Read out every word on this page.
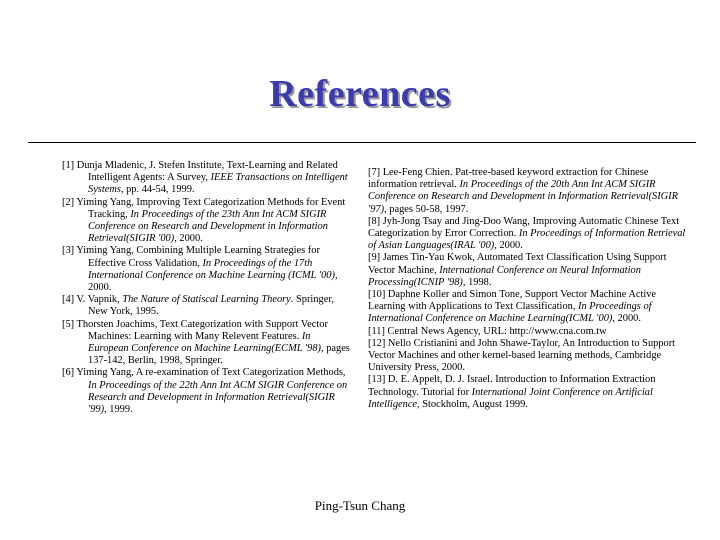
References

[1] Dunja Mladenic, J. Stefen Institute, Text-Learning and Related Intelligent Agents: A Survey, IEEE Transactions on Intelligent Systems, pp. 44-54, 1999.

[2] Yiming Yang, Improving Text Categorization Methods for Event Tracking, In Proceedings of the 23th Ann Int ACM SIGIR Conference on Research and Development in Information Retrieval(SIGIR '00), 2000.

[3] Yiming Yang, Combining Multiple Learning Strategies for Effective Cross Validation, In Proceedings of the 17th International Conference on Machine Learning (ICML '00), 2000.

[4] V. Vapnik, The Nature of Statiscal Learning Theory. Springer, New York, 1995.

[5] Thorsten Joachims, Text Categorization with Support Vector Machines: Learning with Many Relevent Features. In European Conference on Machine Learning(ECML '98), pages 137-142, Berlin, 1998, Springer.

[6] Yiming Yang, A re-examination of Text Categorization Methods, In Proceedings of the 22th Ann Int ACM SIGIR Conference on Research and Development in Information Retrieval(SIGIR '99), 1999.

[7] Lee-Feng Chien. Pat-tree-based keyword extraction for Chinese information retrieval. In Proceedings of the 20th Ann Int ACM SIGIR Conference on Research and Development in Information Retrieval(SIGIR '97), pages 50-58, 1997.

[8] Jyh-Jong Tsay and Jing-Doo Wang, Improving Automatic Chinese Text Categorization by Error Correction. In Proceedings of Information Retrieval of Asian Languages(IRAL '00), 2000.

[9] James Tin-Yau Kwok, Automated Text Classification Using Support Vector Machine, International Conference on Neural Information Processing(ICNIP '98), 1998.

[10] Daphne Koller and Simon Tone, Support Vector Machine Active Learning with Applications to Text Classification, In Proceedings of International Conference on Machine Learning(ICML '00), 2000.

[11] Central News Agency, URL: http://www.cna.com.tw

[12] Nello Cristianini and John Shawe-Taylor, An Introduction to Support Vector Machines and other kernel-based learning methods, Cambridge University Press, 2000.

[13] D. E. Appelt, D. J. Israel. Introduction to Information Extraction Technology. Tutorial for International Joint Conference on Artificial Intelligence, Stockholm, August 1999.

Ping-Tsun Chang
